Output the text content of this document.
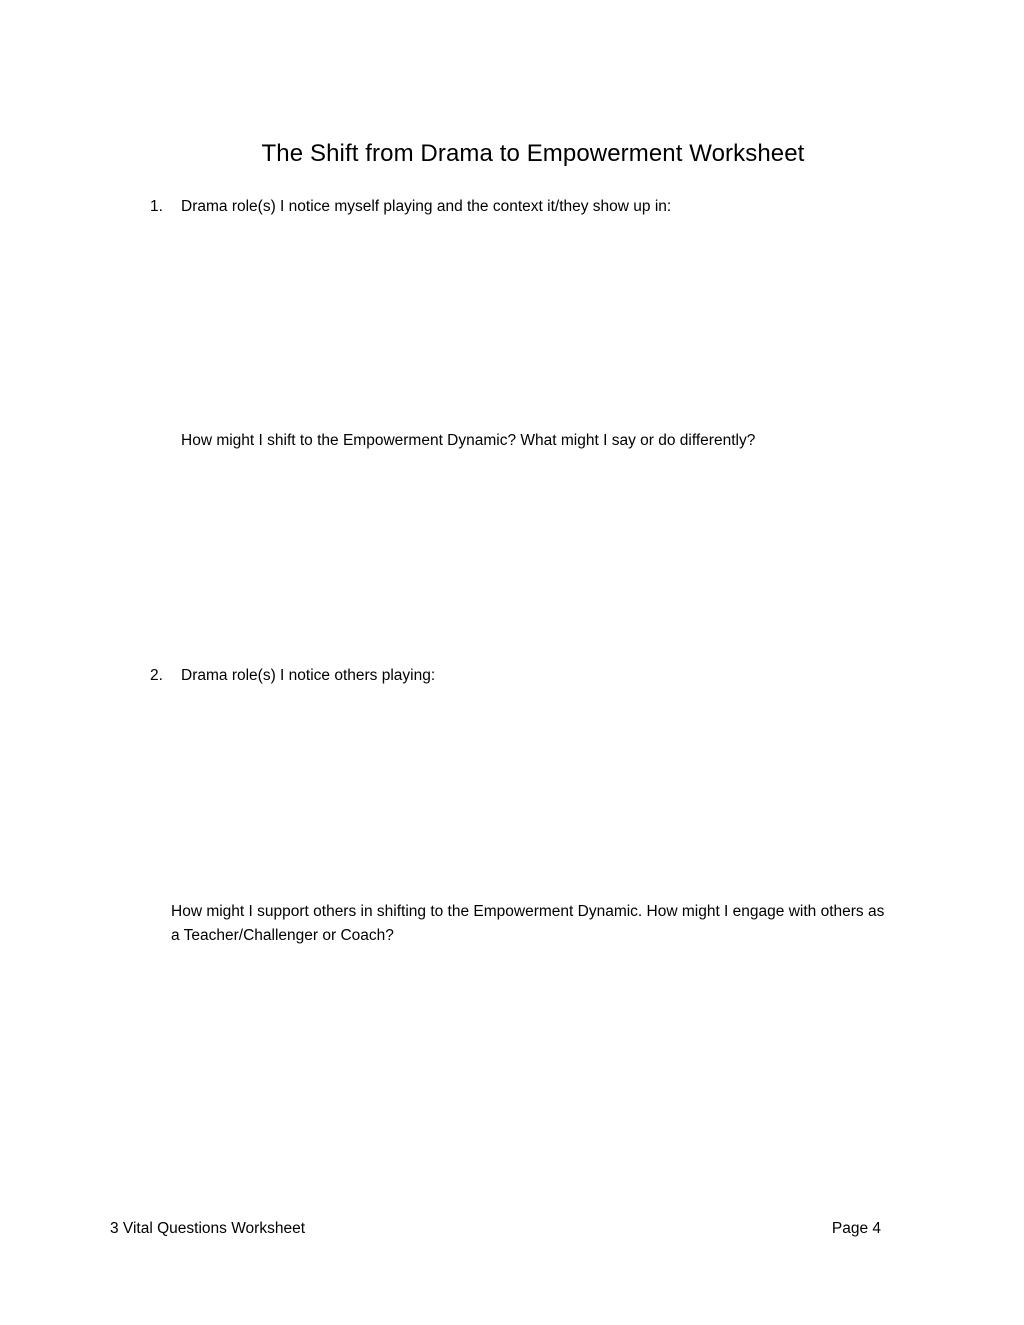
The Shift from Drama to Empowerment Worksheet
1. Drama role(s) I notice myself playing and the context it/they show up in:
How might I shift to the Empowerment Dynamic? What might I say or do differently?
2. Drama role(s) I notice others playing:
How might I support others in shifting to the Empowerment Dynamic. How might I engage with others as a Teacher/Challenger or Coach?
3 Vital Questions Worksheet	Page 4
